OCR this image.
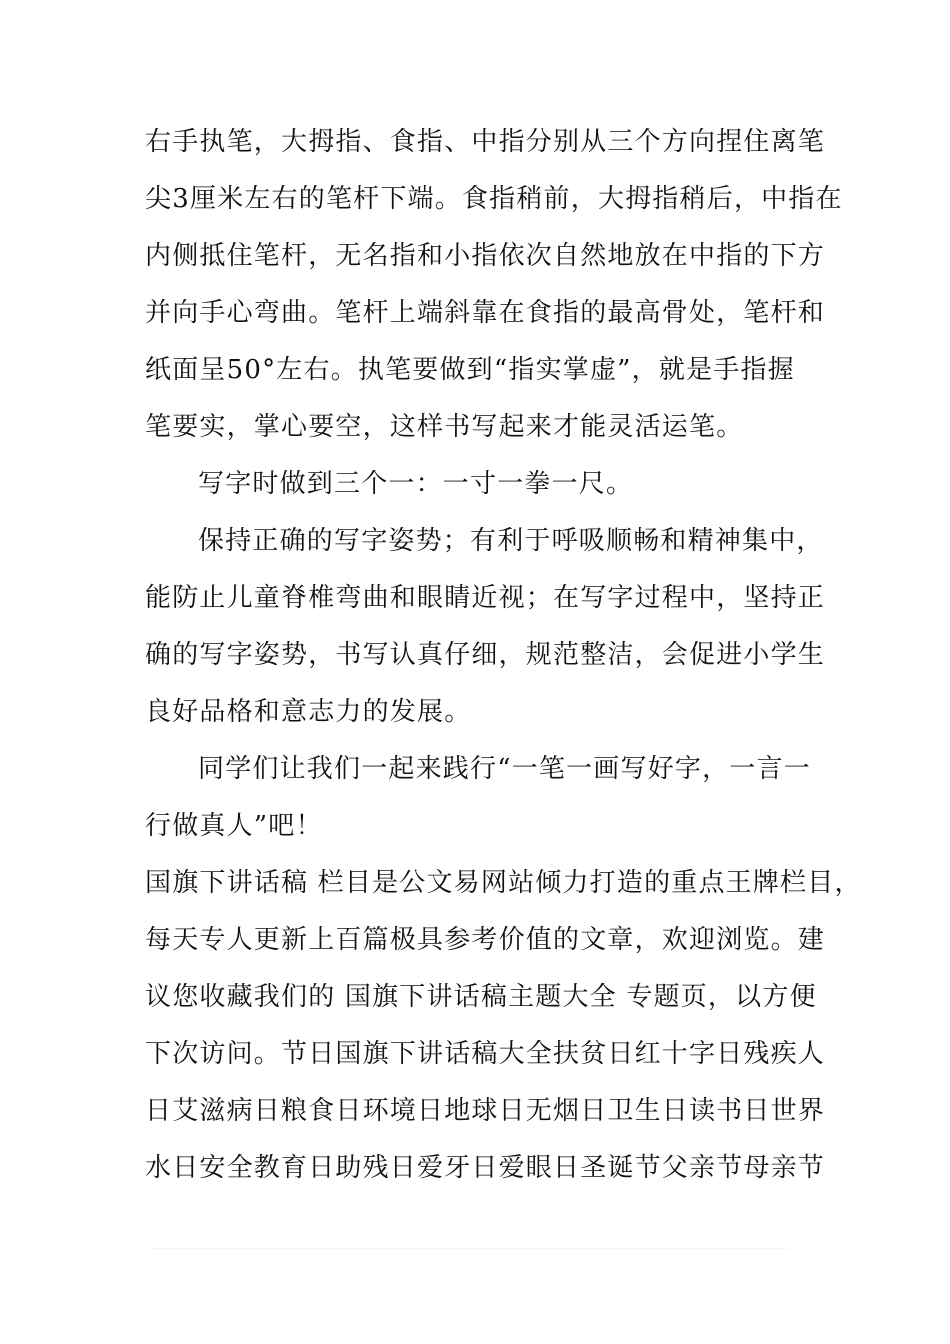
右手执笔，大拇指、食指、中指分别从三个方向捏住离笔
尖3厘米左右的笔杆下端。食指稍前，大拇指稍后，中指在
内侧抵住笔杆，无名指和小指依次自然地放在中指的下方
并向手心弯曲。笔杆上端斜靠在食指的最高骨处，笔杆和
纸面呈50°左右。执笔要做到“指实掌虚”，就是手指握
笔要实，掌心要空，这样书写起来才能灵活运笔。
写字时做到三个一：一寸一拳一尺。
保持正确的写字姿势；有利于呼吸顺畅和精神集中，
能防止儿童脊椎弯曲和眼睛近视；在写字过程中，坚持正
确的写字姿势，书写认真仔细，规范整洁，会促进小学生
良好品格和意志力的发展。
同学们让我们一起来践行“一笔一画写好字，一言一
行做真人”吧！
国旗下讲话稿 栏目是公文易网站倾力打造的重点王牌栏目，
每天专人更新上百篇极具参考价值的文章，欢迎浏览。建
议您收藏我们的 国旗下讲话稿主题大全 专题页，以方便
下次访问。节日国旗下讲话稿大全扶贫日红十字日残疾人
日艾滋病日粮食日环境日地球日无烟日卫生日读书日世界
水日安全教育日助残日爱牙日爱眼日圣诞节父亲节母亲节
